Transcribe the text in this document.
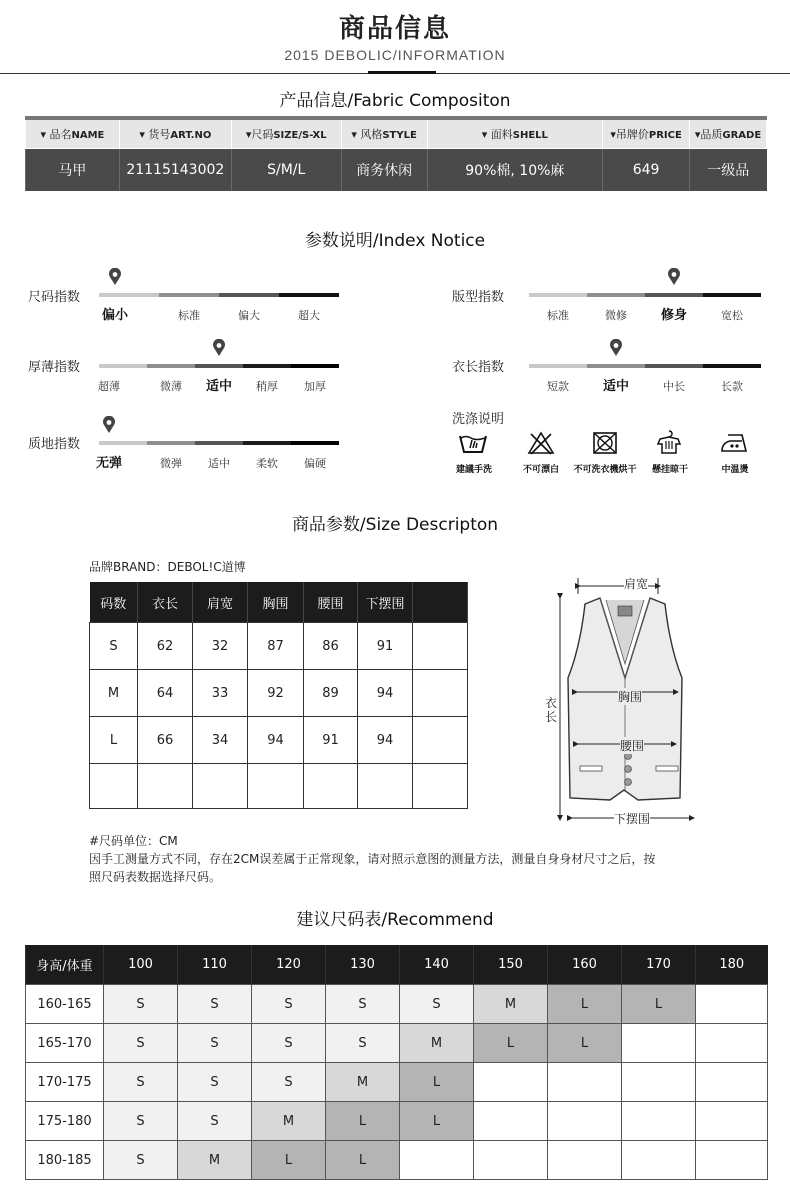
商品信息
2015 DEBOLIC/INFORMATION
产品信息/Fabric Compositon
▾ 品名NAME	▾ 货号ART.NO	▾尺码SIZE/S-XL	▾ 风格STYLE	▾ 面料SHELL	▾吊牌价PRICE	▾品质GRADE
马甲	21115143002	S/M/L	商务休闲	90%棉, 10%麻	649	一级品
参数说明/Index Notice
尺码指数
偏小	标准	偏大	超大
厚薄指数
超薄	微薄	适中	稍厚	加厚
质地指数
无弹	微弹	适中	柔软	偏硬
版型指数
标准	微修	修身	宽松
衣长指数
短款	适中	中长	长款
洗涤说明
建議手洗	不可漂白	不可洗衣機烘干	懸挂晾干	中温燙
商品参数/Size Descripton
品牌BRAND：DEBOL!C道博
码数	衣长	肩宽	胸围	腰围	下摆围	
S	62	32	87	86	91	
M	64	33	92	89	94	
L	66	34	94	91	94	

肩宽
胸围
衣长
腰围
下摆围
#尺码单位：CM
因手工测量方式不同，存在2CM误差属于正常现象，请对照示意图的测量方法，测量自身身材尺寸之后，按
照尺码表数据选择尺码。
建议尺码表/Recommend
身高/体重	100	110	120	130	140	150	160	170	180
160-165	S	S	S	S	S	M	L	L	
165-170	S	S	S	S	M	L	L		
170-175	S	S	S	M	L				
175-180	S	S	M	L	L				
180-185	S	M	L	L					
